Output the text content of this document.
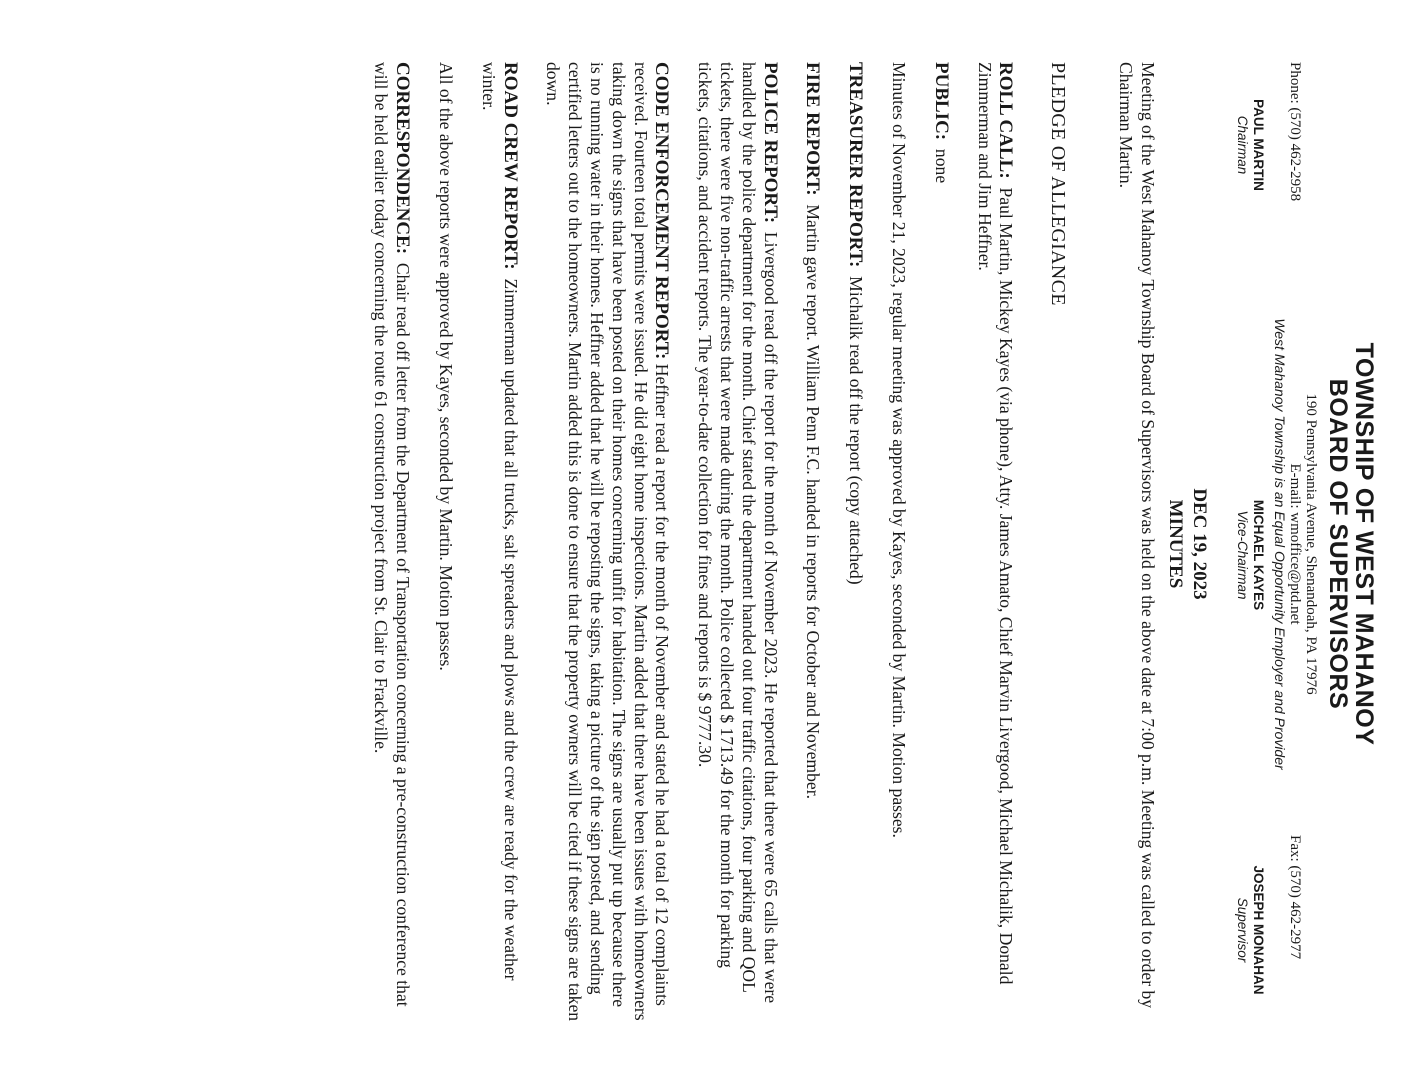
TOWNSHIP OF WEST MAHANOY
BOARD OF SUPERVISORS
190 Pennsylvania Avenue, Shenandoah, PA 17976
Phone: (570) 462-2958
E-mail: wmoffice@ptd.net
Fax: (570) 462-2977
West Mahanoy Township is an Equal Opportunity Employer and Provider
PAUL MARTIN
Chairman
MICHAEL KAYES
Vice-Chairman
JOSEPH MONAHAN
Supervisor
DEC 19, 2023
MINUTES

Meeting of the West Mahanoy Township Board of Supervisors was held on the above date at 7:00 p.m. Meeting was called to order by Chairman Martin.

PLEDGE OF ALLEGIANCE

ROLL CALL:  Paul Martin, Mickey Kayes (via phone), Atty. James Amato, Chief Marvin Livergood, Michael Michalik, Donald Zimmerman and Jim Heffner.

PUBLIC:  none

Minutes of November 21, 2023, regular meeting was approved by Kayes, seconded by Martin. Motion passes.

TREASURER REPORT:  Michalik read off the report (copy attached)

FIRE REPORT:  Martin gave report. William Penn F.C. handed in reports for October and November.

POLICE REPORT:  Livergood read off the report for the month of November 2023. He reported that there were 65 calls that were handled by the police department for the month. Chief stated the department handed out four traffic citations, four parking and QOL tickets, there were five non-traffic arrests that were made during the month. Police collected $ 1713.49 for the month for parking tickets, citations, and accident reports. The year-to-date collection for fines and reports is $ 9777.30.

CODE ENFORCEMENT REPORT: Heffner read a report for the month of November and stated he had a total of 12 complaints received. Fourteen total permits were issued. He did eight home inspections. Martin added that there have been issues with homeowners taking down the signs that have been posted on their homes concerning unfit for habitation. The signs are usually put up because there is no running water in their homes. Heffner added that he will be reposting the signs, taking a picture of the sign posted, and sending certified letters out to the homeowners. Martin added this is done to ensure that the property owners will be cited if these signs are taken down.

ROAD CREW REPORT:  Zimmerman updated that all trucks, salt spreaders and plows and the crew are ready for the weather winter.

All of the above reports were approved by Kayes, seconded by Martin. Motion passes.

CORRESPONDENCE:  Chair read off letter from the Department of Transportation concerning a pre-construction conference that will be held earlier today concerning the route 61 construction project from St. Clair to Frackville.
